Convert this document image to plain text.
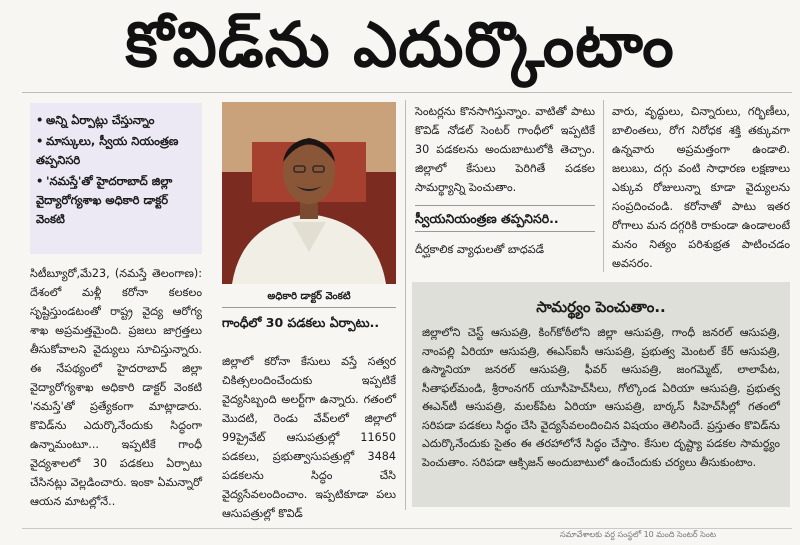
కోవిడ్‌ను ఎదుర్కొంటాం
• అన్ని ఏర్పాట్లు చేస్తున్నాం
• మాస్కులు, స్వీయ నియంత్రణ తప్పనిసరి
• 'నమస్తే'తో హైదరాబాద్ జిల్లా వైద్యారోగ్యశాఖ అధికారి డాక్టర్ వెంకటి
సిటీబ్యూరో,మే23, (నమస్తే తెలంగాణ): దేశంలో మళ్లీ కరోనా కలకలం సృష్టిస్తుండటంతో రాష్ట్ర వైద్య ఆరోగ్య శాఖ అప్రమత్తమైంది. ప్రజలు జాగ్రత్తలు తీసుకోవాలని వైద్యులు సూచిస్తున్నారు. ఈ నేపథ్యంలో హైదరాబాద్ జిల్లా వైద్యారోగ్యశాఖ అధికారి డాక్టర్ వెంకటి 'నమస్తే'తో ప్రత్యేకంగా మాట్లాడారు. కొవిడ్‌ను ఎదుర్కొనేందుకు సిద్ధంగా ఉన్నామంటూ... ఇప్పటికే గాంధీ వైద్యశాలలో 30 పడకలు ఏర్పాటు చేసినట్లు వెల్లడించారు. ఇంకా ఏమన్నారో ఆయన మాటల్లోనే..
అధికారి డాక్టర్ వెంకటి
గాంధీలో 30 పడకలు ఏర్పాటు..
జిల్లాలో కరోనా కేసులు వస్తే సత్వర చికిత్సలందించేందుకు ఇప్పటికే వైద్యసిబ్బంది అలర్ట్‌గా ఉన్నారు. గతంలో మొదటి, రెండు వేవ్‌లలో జిల్లాలో 99ప్రైవేట్ ఆసుపత్రుల్లో 11650 పడకలు, ప్రభుత్వాసుపత్రుల్లో 3484 పడకలను సిద్ధం చేసి వైద్యసేవలందించాం. ఇప్పటికూడా పలు ఆసుపత్రుల్లో కొవిడ్
సెంటర్లను కొనసాగిస్తున్నాం. వాటితో పాటు కొవిడ్ నోడల్ సెంటర్ గాంధీలో ఇప్పటికే 30 పడకలను అందుబాటులోకి తెచ్చాం. జిల్లాలో కేసులు పెరిగితే పడకల సామర్థ్యాన్ని పెంచుతాం.
స్వీయనియంత్రణ తప్పనిసరి..
దీర్ఘకాలిక వ్యాధులతో బాధపడే
వారు, వృద్ధులు, చిన్నారులు, గర్భిణీలు, బాలింతలు, రోగ నిరోధక శక్తి తక్కువగా ఉన్నవారు అప్రమత్తంగా ఉండాలి. జలుబు, దగ్గు వంటి సాధారణ లక్షణాలు ఎక్కువ రోజులున్నా కూడా వైద్యులను సంప్రదించండి. కరోనాతో పాటు ఇతర రోగాలు మన దగ్గరికి రాకుండా ఉండాలంటే మనం నిత్యం పరిశుభ్రత పాటించడం అవసరం.
సామర్థ్యం పెంచుతాం..
జిల్లాలోని చెస్ట్ ఆసుపత్రి, కింగ్‌కోఠీలోని జిల్లా ఆసుపత్రి, గాంధీ జనరల్ ఆసుపత్రి, నాంపల్లి ఏరియా ఆసుపత్రి, ఈఎస్ఐసీ ఆసుపత్రి, ప్రభుత్వ మెంటల్ కేర్ ఆసుపత్రి, ఉస్మానియా జనరల్ ఆసుపత్రి, ఫీవర్ ఆసుపత్రి, జంగమ్మెట్, లాలాపేట, సీతాఫల్‌మండి, శ్రీరాంనగర్ యూసీహెచ్‌సీలు, గోల్కొండ ఏరియా ఆసుపత్రి, ప్రభుత్వ ఈఎన్‌టీ ఆసుపత్రి, మలక్‌పేట ఏరియా ఆసుపత్రి, బార్కస్ సీహెచ్‌సీల్లో గతంలో సరిపడా పడకలు సిద్ధం చేసి వైద్యసేవలందించిన విషయం తెలిసిందే. ప్రస్తుతం కొవిడ్‌ను ఎదుర్కొనేందుకు సైతం ఈ తరహాలోనే సిద్ధం చేస్తాం. కేసుల దృష్ట్యా పడకల సామర్థ్యం పెంచుతాం. సరిపడా ఆక్సిజన్ అందుబాటులో ఉంచేందుకు చర్యలు తీసుకుంటాం.
సమావేశాలకు వర్ద సంస్థలో 10 మంది సెంటర్ సెంట
